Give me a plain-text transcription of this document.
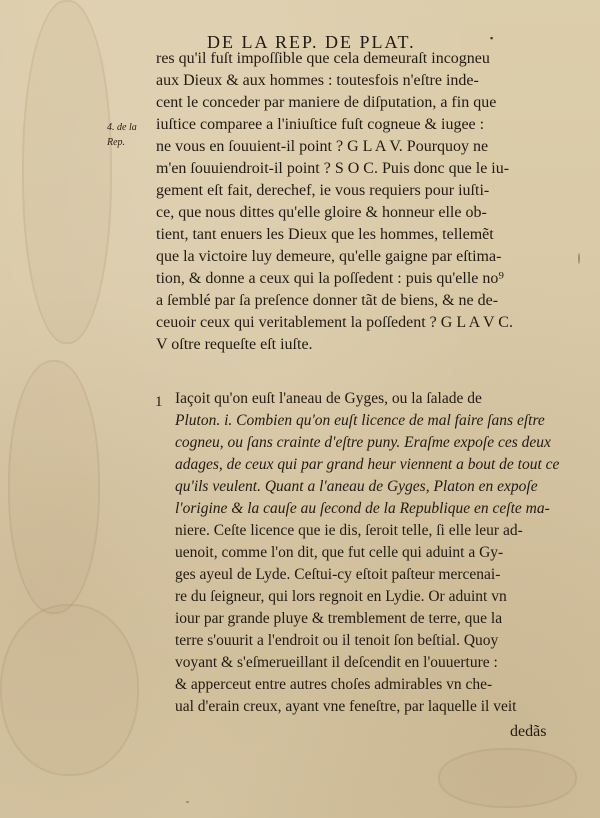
DE LA REP. DE PLAT.	▪
4. de la
Rep.
res qu'il fuſt impoſſible que cela demeuraſt incogneu
aux Dieux & aux hommes : toutesfois n'eſtre inde-
cent le conceder par maniere de diſputation, a fin que
iuſtice comparee a l'iniuſtice fuſt cogneue & iugee :
ne vous en ſouuient-il point ? G L A V. Pourquoy ne
m'en ſouuiendroit-il point ? S O C. Puis donc que le iu-
gement eſt fait, derechef, ie vous requiers pour iuſti-
ce, que nous dittes qu'elle gloire & honneur elle ob-
tient, tant enuers les Dieux que les hommes, tellemẽt
que la victoire luy demeure, qu'elle gaigne par eſtima-
tion, & donne a ceux qui la poſſedent : puis qu'elle no⁹
a ſemblé par ſa preſence donner tãt de biens, & ne de-
ceuoir ceux qui veritablement la poſſedent ? G L A V C.
V oſtre requeſte eſt iuſte.
1 Iaçoit qu'on euſt l'aneau de Gyges, ou la ſalade de
Pluton. i. Combien qu'on euſt licence de mal faire ſans eſtre
cogneu, ou ſans crainte d'eſtre puny. Eraſme expoſe ces deux
adages, de ceux qui par grand heur viennent a bout de tout ce
qu'ils veulent. Quant a l'aneau de Gyges, Platon en expoſe
l'origine & la cauſe au ſecond de la Republique en ceſte ma-
niere. Ceſte licence que ie dis, ſeroit telle, ſi elle leur ad-
uenoit, comme l'on dit, que fut celle qui aduint a Gy-
ges ayeul de Lyde. Ceſtui-cy eſtoit paſteur mercenai-
re du ſeigneur, qui lors regnoit en Lydie. Or aduint vn
iour par grande pluye & tremblement de terre, que la
terre s'ouurit a l'endroit ou il tenoit ſon beſtial. Quoy
voyant & s'eſmerueillant il deſcendit en l'ouuerture :
& apperceut entre autres choſes admirables vn che-
ual d'erain creux, ayant vne feneſtre, par laquelle il veit
dedãs
